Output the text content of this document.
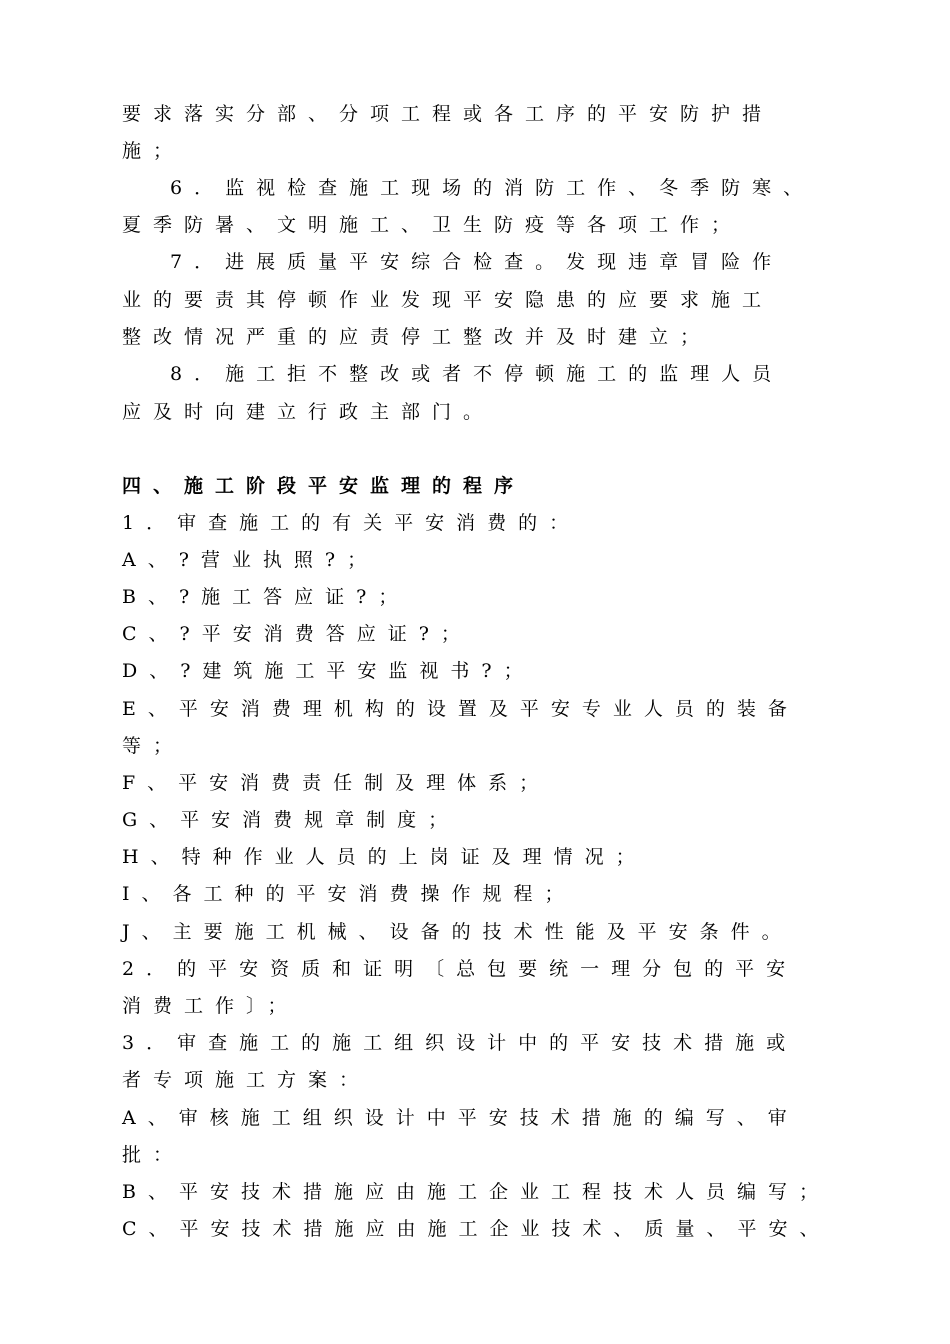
要求落实分部、分项工程或各工序的平安防护措
施；
6．监视检查施工现场的消防工作、冬季防寒、
夏季防暑、文明施工、卫生防疫等各项工作；
7．进展质量平安综合检查。发现违章冒险作
业的要责其停顿作业发现平安隐患的应要求施工
整改情况严重的应责停工整改并及时建立；
8．施工拒不整改或者不停顿施工的监理人员
应及时向建立行政主部门。
四、施工阶段平安监理的程序
1．审查施工的有关平安消费的：
A、?营业执照?；
B、?施工答应证?；
C、?平安消费答应证?；
D、?建筑施工平安监视书?；
E、平安消费理机构的设置及平安专业人员的装备
等；
F、平安消费责任制及理体系；
G、平安消费规章制度；
H、特种作业人员的上岗证及理情况；
I、各工种的平安消费操作规程；
J、主要施工机械、设备的技术性能及平安条件。
2．的平安资质和证明〔总包要统一理分包的平安
消费工作〕；
3．审查施工的施工组织设计中的平安技术措施或
者专项施工方案：
A、审核施工组织设计中平安技术措施的编写、审
批：
B、平安技术措施应由施工企业工程技术人员编写；
C、平安技术措施应由施工企业技术、质量、平安、
